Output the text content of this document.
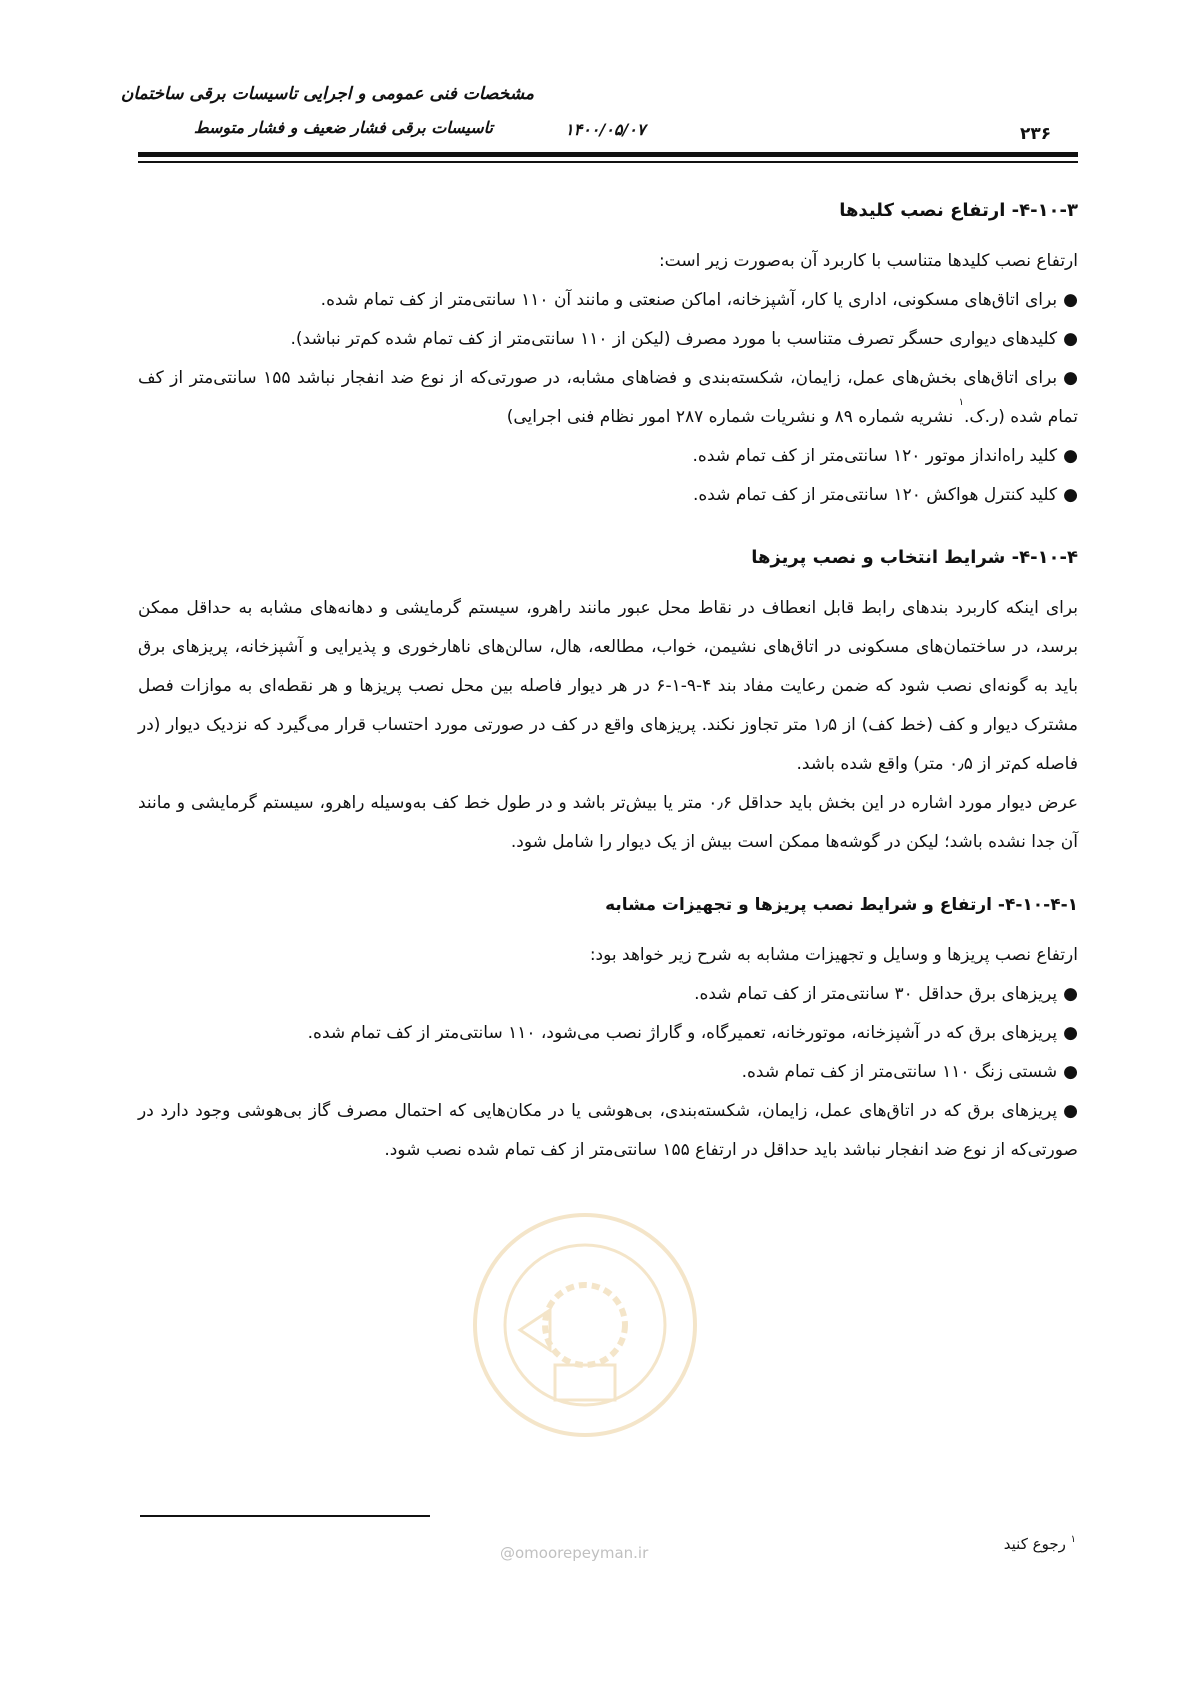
مشخصات فنی عمومی و اجرایی تاسیسات برقی ساختمان
تاسیسات برقی فشار ضعیف و فشار متوسط	۱۴۰۰/۰۵/۰۷	۲۳۶
۴-۱۰-۳- ارتفاع نصب کلیدها

ارتفاع نصب کلیدها متناسب با کاربرد آن به‌صورت زیر است:

●برای اتاق‌های مسکونی، اداری یا کار، آشپزخانه، اماکن صنعتی و مانند آن ۱۱۰ سانتی‌متر از کف تمام شده.

●کلیدهای دیواری حسگر تصرف متناسب با مورد مصرف (لیکن از ۱۱۰ سانتی‌متر از کف تمام شده کم‌تر نباشد).

●برای اتاق‌های بخش‌های عمل، زایمان، شکسته‌بندی و فضاهای مشابه، در صورتی‌که از نوع ضد انفجار نباشد ۱۵۵ سانتی‌متر از کف تمام شده (ر.ک.$^۱$ نشریه شماره ۸۹ و نشریات شماره ۲۸۷ امور نظام فنی اجرایی)

●کلید راه‌انداز موتور ۱۲۰ سانتی‌متر از کف تمام شده.

●کلید کنترل هواکش ۱۲۰ سانتی‌متر از کف تمام شده.

۴-۱۰-۴- شرایط انتخاب و نصب پریزها

برای اینکه کاربرد بندهای رابط قابل انعطاف در نقاط محل عبور مانند راهرو، سیستم گرمایشی و دهانه‌های مشابه به حداقل ممکن برسد، در ساختمان‌های مسکونی در اتاق‌های نشیمن، خواب، مطالعه، هال، سالن‌های ناهارخوری و پذیرایی و آشپزخانه، پریزهای برق باید به گونه‌ای نصب شود که ضمن رعایت مفاد بند ۴-۹-۱-۶ در هر دیوار فاصله بین محل نصب پریزها و هر نقطه‌ای به موازات فصل مشترک دیوار و کف (خط کف) از ۱٫۵ متر تجاوز نکند. پریزهای واقع در کف در صورتی مورد احتساب قرار می‌گیرد که نزدیک دیوار (در فاصله کم‌تر از ۰٫۵ متر) واقع شده باشد.

عرض دیوار مورد اشاره در این بخش باید حداقل ۰٫۶ متر یا بیش‌تر باشد و در طول خط کف به‌وسیله راهرو، سیستم گرمایشی و مانند آن جدا نشده باشد؛ لیکن در گوشه‌ها ممکن است بیش از یک دیوار را شامل شود.

۴-۱۰-۴-۱- ارتفاع و شرایط نصب پریزها و تجهیزات مشابه

ارتفاع نصب پریزها و وسایل و تجهیزات مشابه به شرح زیر خواهد بود:

●پریزهای برق حداقل ۳۰ سانتی‌متر از کف تمام شده.

●پریزهای برق که در آشپزخانه، موتورخانه، تعمیرگاه، و گاراژ نصب می‌شود، ۱۱۰ سانتی‌متر از کف تمام شده.

●شستی زنگ ۱۱۰ سانتی‌متر از کف تمام شده.

●پریزهای برق که در اتاق‌های عمل، زایمان، شکسته‌بندی، بی‌هوشی یا در مکان‌هایی که احتمال مصرف گاز بی‌هوشی وجود دارد در صورتی‌که از نوع ضد انفجار نباشد باید حداقل در ارتفاع ۱۵۵ سانتی‌متر از کف تمام شده نصب شود.

@omoorepeyman.ir
$^۱$ رجوع کنید
